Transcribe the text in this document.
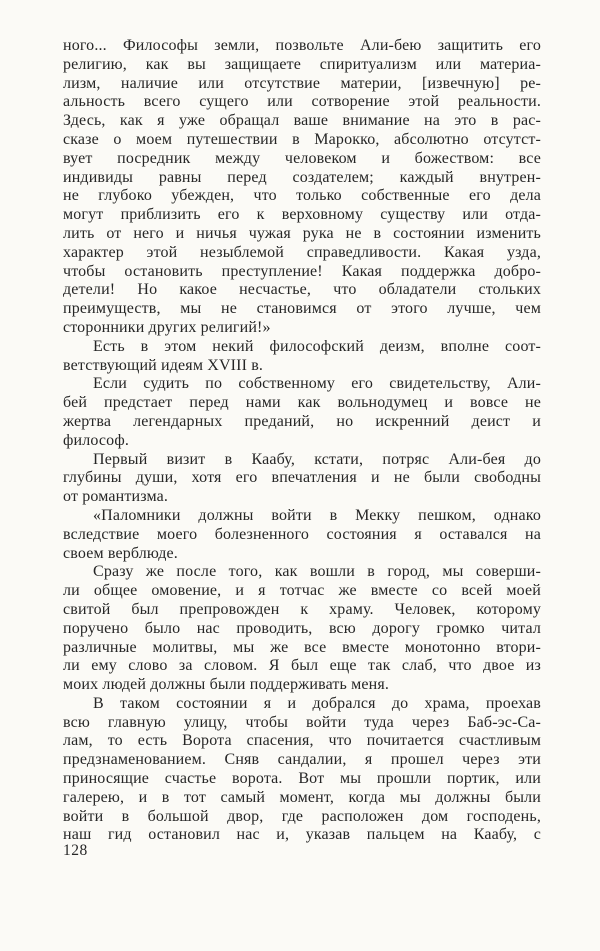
ного... Философы земли, позвольте Али-бею защитить его
религию, как вы защищаете спиритуализм или материа-
лизм, наличие или отсутствие материи, [извечную] ре-
альность всего сущего или сотворение этой реальности.
Здесь, как я уже обращал ваше внимание на это в рас-
сказе о моем путешествии в Марокко, абсолютно отсутст-
вует посредник между человеком и божеством: все
индивиды равны перед создателем; каждый внутрен-
не глубоко убежден, что только собственные его дела
могут приблизить его к верховному существу или отда-
лить от него и ничья чужая рука не в состоянии изменить
характер этой незыблемой справедливости. Какая узда,
чтобы остановить преступление! Какая поддержка добро-
детели! Но какое несчастье, что обладатели стольких
преимуществ, мы не становимся от этого лучше, чем
сторонники других религий!»
Есть в этом некий философский деизм, вполне соот-
ветствующий идеям XVIII в.
Если судить по собственному его свидетельству, Али-
бей предстает перед нами как вольнодумец и вовсе не
жертва легендарных преданий, но искренний деист и
философ.
Первый визит в Каабу, кстати, потряс Али-бея до
глубины души, хотя его впечатления и не были свободны
от романтизма.
«Паломники должны войти в Мекку пешком, однако
вследствие моего болезненного состояния я оставался на
своем верблюде.
Сразу же после того, как вошли в город, мы соверши-
ли общее омовение, и я тотчас же вместе со всей моей
свитой был препровожден к храму. Человек, которому
поручено было нас проводить, всю дорогу громко читал
различные молитвы, мы же все вместе монотонно втори-
ли ему слово за словом. Я был еще так слаб, что двое из
моих людей должны были поддерживать меня.
В таком состоянии я и добрался до храма, проехав
всю главную улицу, чтобы войти туда через Баб-эс-Са-
лам, то есть Ворота спасения, что почитается счастливым
предзнаменованием. Сняв сандалии, я прошел через эти
приносящие счастье ворота. Вот мы прошли портик, или
галерею, и в тот самый момент, когда мы должны были
войти в большой двор, где расположен дом господень,
наш гид остановил нас и, указав пальцем на Каабу, с
128
